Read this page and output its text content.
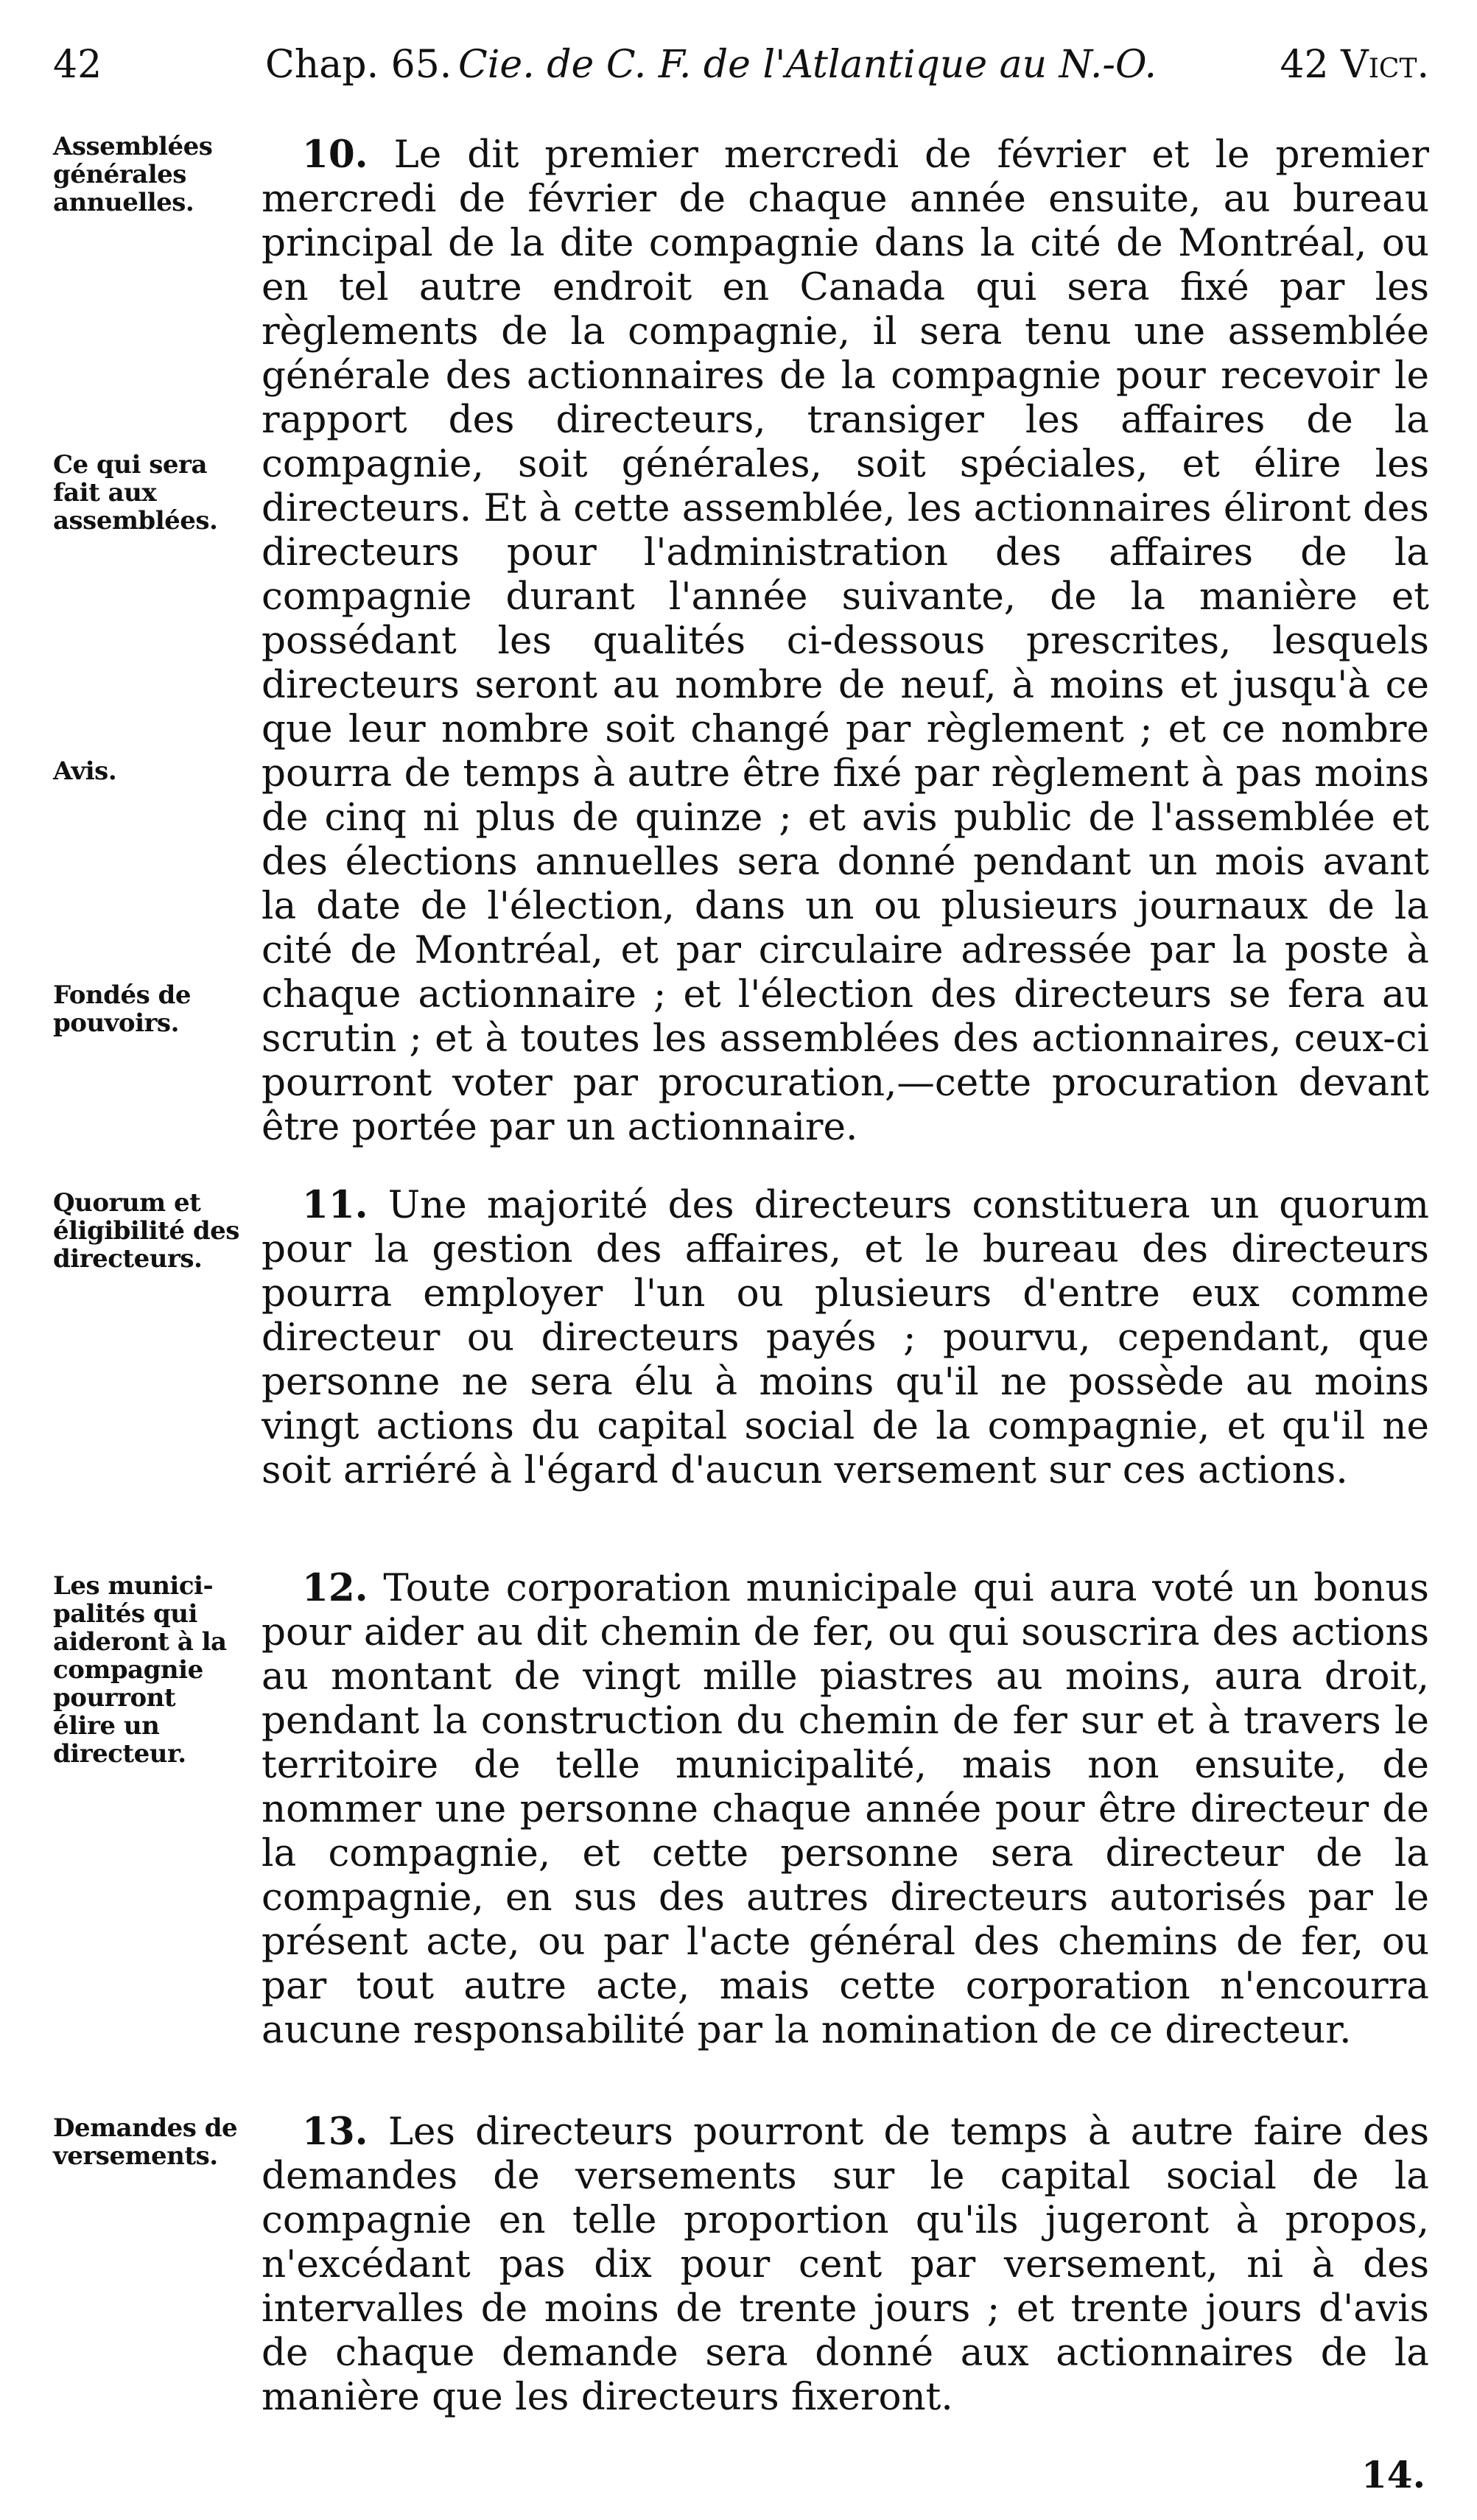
42	Chap. 65. Cie. de C. F. de l'Atlantique au N.-O.	42 Vict.
Assemblées
générales
annuelles.
Ce qui sera
fait aux
assemblées.
Avis.
Fondés de
pouvoirs.
Quorum et
éligibilité des
directeurs.
Les munici-
palités qui
aideront à la
compagnie
pourront
élire un
directeur.
Demandes de
versements.
10. Le dit premier mercredi de février et le premier mercredi de février de chaque année ensuite, au bureau principal de la dite compagnie dans la cité de Montréal, ou en tel autre endroit en Canada qui sera fixé par les règlements de la compagnie, il sera tenu une assemblée générale des actionnaires de la compagnie pour recevoir le rapport des directeurs, transiger les affaires de la compagnie, soit générales, soit spéciales, et élire les directeurs. Et à cette assemblée, les actionnaires éliront des directeurs pour l'administration des affaires de la compagnie durant l'année suivante, de la manière et possédant les qualités ci-dessous prescrites, lesquels directeurs seront au nombre de neuf, à moins et jusqu'à ce que leur nombre soit changé par règlement ; et ce nombre pourra de temps à autre être fixé par règlement à pas moins de cinq ni plus de quinze ; et avis public de l'assemblée et des élections annuelles sera donné pendant un mois avant la date de l'élection, dans un ou plusieurs journaux de la cité de Montréal, et par circulaire adressée par la poste à chaque actionnaire ; et l'élection des directeurs se fera au scrutin ; et à toutes les assemblées des actionnaires, ceux-ci pourront voter par procuration,—cette procuration devant être portée par un actionnaire.
11. Une majorité des directeurs constituera un quorum pour la gestion des affaires, et le bureau des directeurs pourra employer l'un ou plusieurs d'entre eux comme directeur ou directeurs payés ; pourvu, cependant, que personne ne sera élu à moins qu'il ne possède au moins vingt actions du capital social de la compagnie, et qu'il ne soit arriéré à l'égard d'aucun versement sur ces actions.
12. Toute corporation municipale qui aura voté un bonus pour aider au dit chemin de fer, ou qui souscrira des actions au montant de vingt mille piastres au moins, aura droit, pendant la construction du chemin de fer sur et à travers le territoire de telle municipalité, mais non ensuite, de nommer une personne chaque année pour être directeur de la compagnie, et cette personne sera directeur de la compagnie, en sus des autres directeurs autorisés par le présent acte, ou par l'acte général des chemins de fer, ou par tout autre acte, mais cette corporation n'encourra aucune responsabilité par la nomination de ce directeur.
13. Les directeurs pourront de temps à autre faire des demandes de versements sur le capital social de la compagnie en telle proportion qu'ils jugeront à propos, n'excédant pas dix pour cent par versement, ni à des intervalles de moins de trente jours ; et trente jours d'avis de chaque demande sera donné aux actionnaires de la manière que les directeurs fixeront.
14.
